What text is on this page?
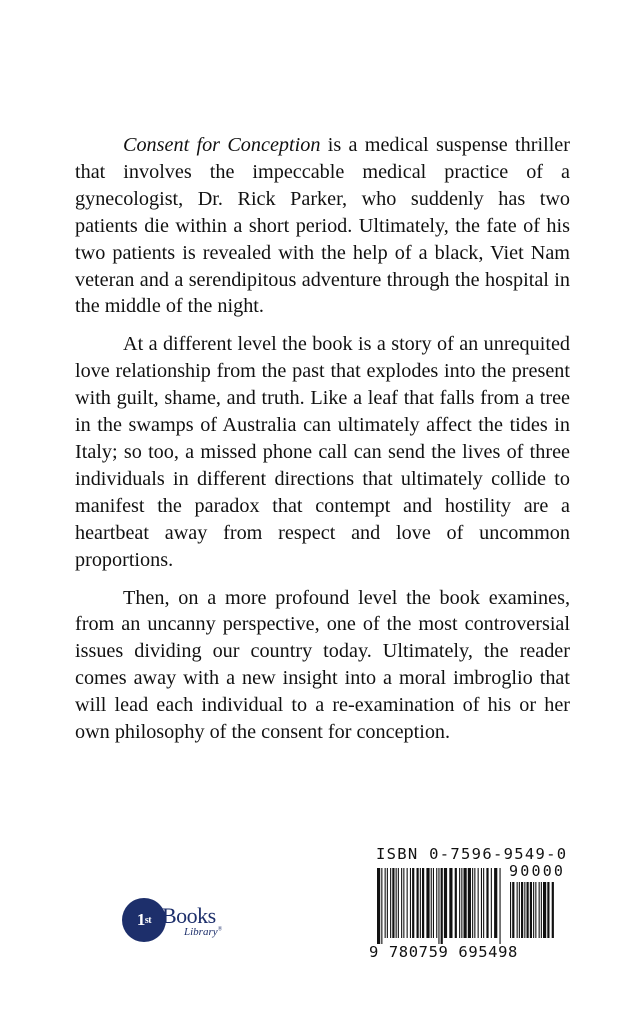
Consent for Conception is a medical suspense thriller that involves the impeccable medical practice of a gynecologist, Dr. Rick Parker, who suddenly has two patients die within a short period. Ultimately, the fate of his two patients is revealed with the help of a black, Viet Nam veteran and a serendipitous adventure through the hospital in the middle of the night.

At a different level the book is a story of an unrequited love relationship from the past that explodes into the present with guilt, shame, and truth. Like a leaf that falls from a tree in the swamps of Australia can ultimately affect the tides in Italy; so too, a missed phone call can send the lives of three individuals in different directions that ultimately collide to manifest the paradox that contempt and hostility are a heartbeat away from respect and love of uncommon proportions.

Then, on a more profound level the book examines, from an uncanny perspective, one of the most controversial issues dividing our country today. Ultimately, the reader comes away with a new insight into a moral imbroglio that will lead each individual to a re-examination of his or her own philosophy of the consent for conception.

1 st Books
Library®
ISBN 0-7596-9549-0
90000
9 780759 695498
